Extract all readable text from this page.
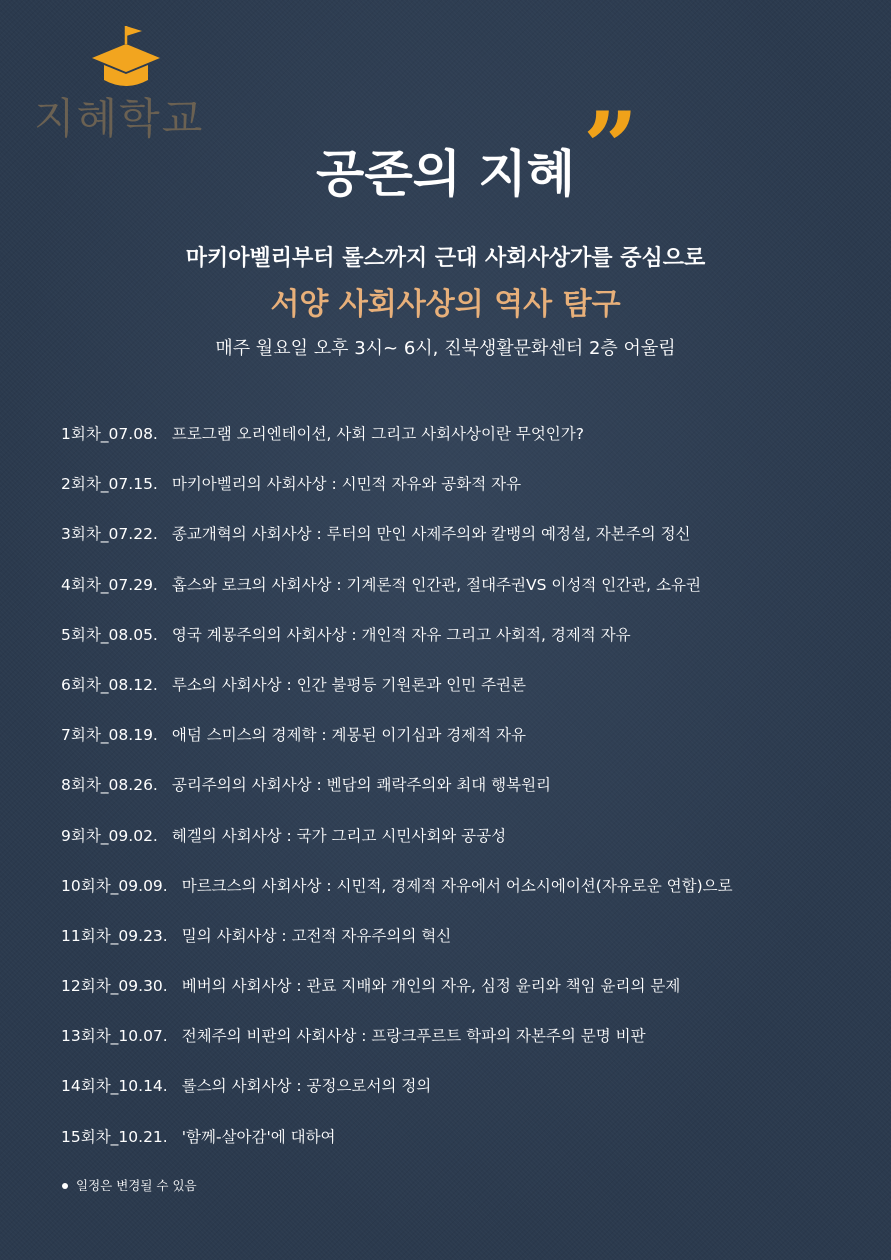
지혜학교
공존의 지혜 ”
마키아벨리부터 롤스까지 근대 사회사상가를 중심으로
서양 사회사상의 역사 탐구
매주 월요일 오후 3시~ 6시, 진북생활문화센터 2층 어울림
1회차_07.08. 프로그램 오리엔테이션, 사회 그리고 사회사상이란 무엇인가?
2회차_07.15. 마키아벨리의 사회사상 : 시민적 자유와 공화적 자유
3회차_07.22. 종교개혁의 사회사상 : 루터의 만인 사제주의와 칼뱅의 예정설, 자본주의 정신
4회차_07.29. 홉스와 로크의 사회사상 : 기계론적 인간관, 절대주권VS 이성적 인간관, 소유권
5회차_08.05. 영국 계몽주의의 사회사상 : 개인적 자유 그리고 사회적, 경제적 자유
6회차_08.12. 루소의 사회사상 : 인간 불평등 기원론과 인민 주권론
7회차_08.19. 애덤 스미스의 경제학 : 계몽된 이기심과 경제적 자유
8회차_08.26. 공리주의의 사회사상 : 벤담의 쾌락주의와 최대 행복원리
9회차_09.02. 헤겔의 사회사상 : 국가 그리고 시민사회와 공공성
10회차_09.09. 마르크스의 사회사상 : 시민적, 경제적 자유에서 어소시에이션(자유로운 연합)으로
11회차_09.23. 밀의 사회사상 : 고전적 자유주의의 혁신
12회차_09.30. 베버의 사회사상 : 관료 지배와 개인의 자유, 심정 윤리와 책임 윤리의 문제
13회차_10.07. 전체주의 비판의 사회사상 : 프랑크푸르트 학파의 자본주의 문명 비판
14회차_10.14. 롤스의 사회사상 : 공정으로서의 정의
15회차_10.21. '함께-살아감'에 대하여
일정은 변경될 수 있음
